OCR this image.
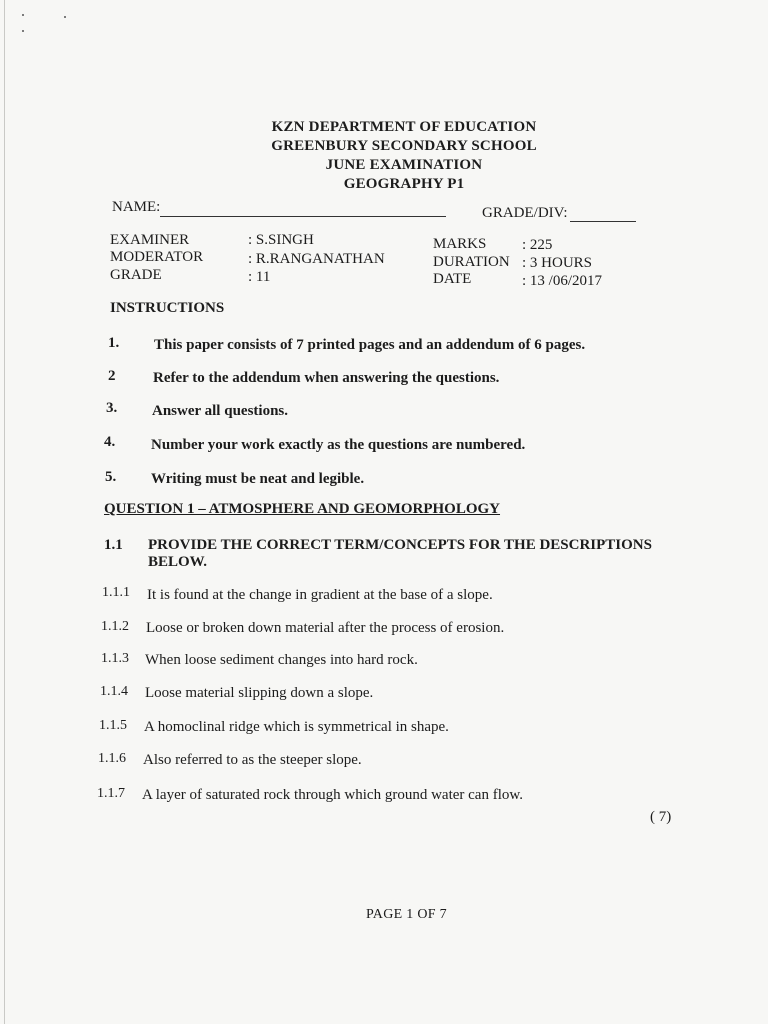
KZN DEPARTMENT OF EDUCATION
GREENBURY SECONDARY SCHOOL
JUNE EXAMINATION
GEOGRAPHY P1
NAME:	GRADE/DIV:
EXAMINER	: S.SINGH
MODERATOR	: R.RANGANATHAN
GRADE	: 11
MARKS : 225
DURATION : 3 HOURS
DATE	: 13 /06/2017
INSTRUCTIONS
1. This paper consists of 7 printed pages and an addendum of 6 pages.
2	Refer to the addendum when answering the questions.
3. Answer all questions.
4. Number your work exactly as the questions are numbered.
5. Writing must be neat and legible.
QUESTION 1 – ATMOSPHERE AND GEOMORPHOLOGY
1.1 PROVIDE THE CORRECT TERM/CONCEPTS FOR THE DESCRIPTIONS BELOW.
1.1.1 It is found at the change in gradient at the base of a slope.
1.1.2 Loose or broken down material after the process of erosion.
1.1.3 When loose sediment changes into hard rock.
1.1.4 Loose material slipping down a slope.
1.1.5 A homoclinal ridge which is symmetrical in shape.
1.1.6 Also referred to as the steeper slope.
1.1.7 A layer of saturated rock through which ground water can flow.
( 7)
PAGE 1 OF 7
